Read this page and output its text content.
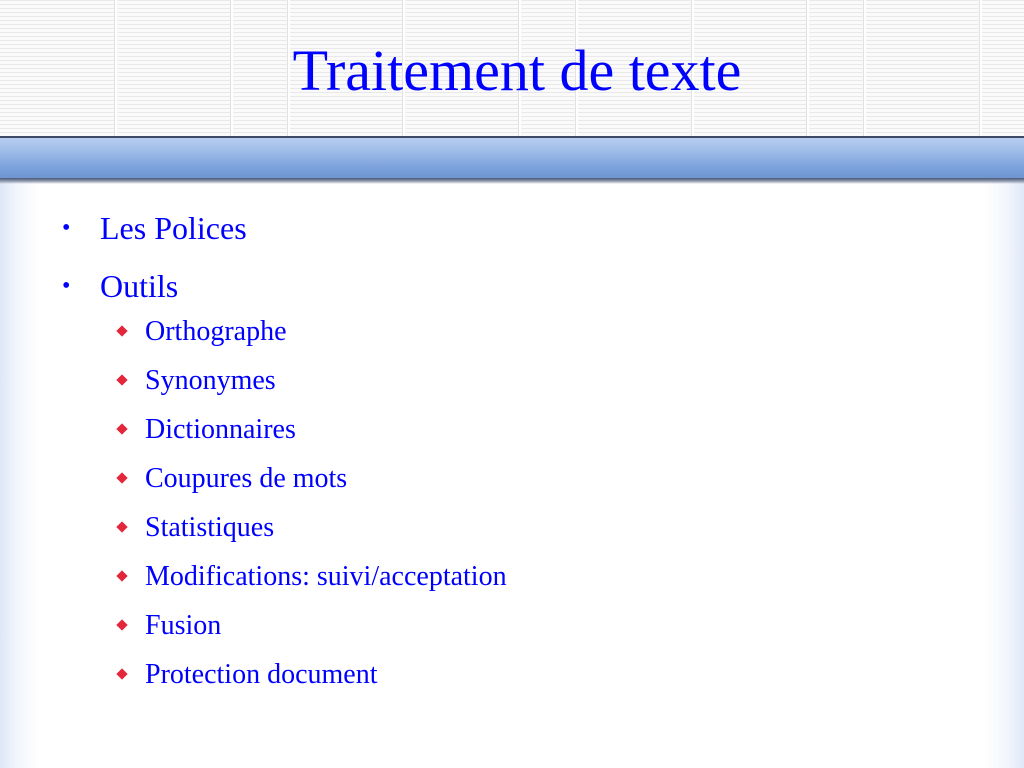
Traitement de texte
• Les Polices
• Outils
Orthographe
Synonymes
Dictionnaires
Coupures de mots
Statistiques
Modifications: suivi/acceptation
Fusion
Protection document
